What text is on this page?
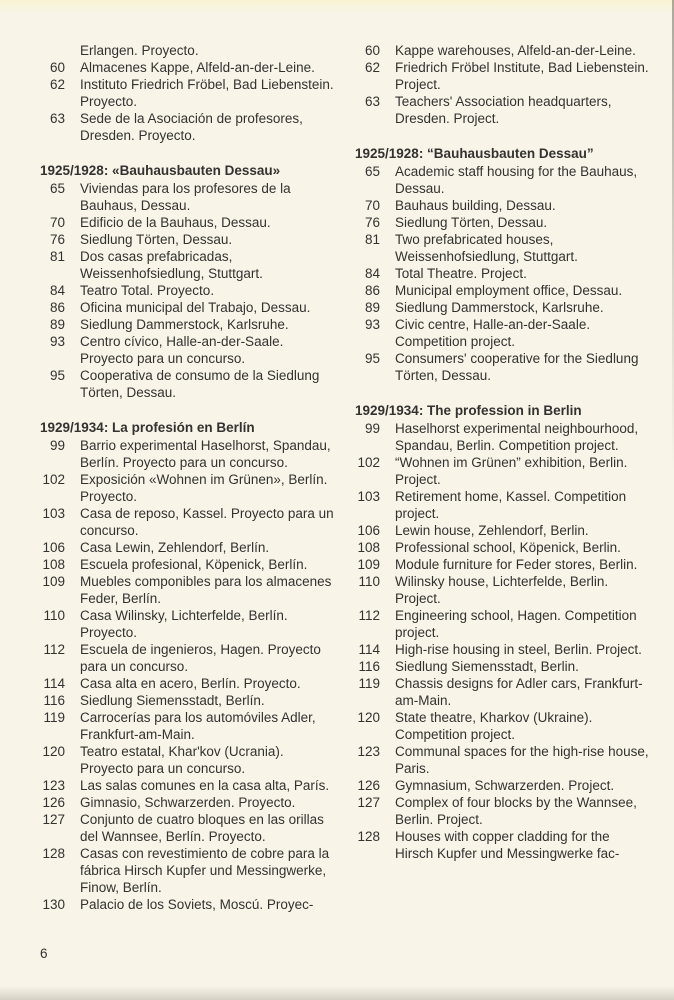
Erlangen. Proyecto.
60 Almacenes Kappe, Alfeld-an-der-Leine.
62 Instituto Friedrich Fröbel, Bad Liebenstein. Proyecto.
63 Sede de la Asociación de profesores, Dresden. Proyecto.
1925/1928: «Bauhausbauten Dessau»
65 Viviendas para los profesores de la Bauhaus, Dessau.
70 Edificio de la Bauhaus, Dessau.
76 Siedlung Törten, Dessau.
81 Dos casas prefabricadas, Weissenhofsiedlung, Stuttgart.
84 Teatro Total. Proyecto.
86 Oficina municipal del Trabajo, Dessau.
89 Siedlung Dammerstock, Karlsruhe.
93 Centro cívico, Halle-an-der-Saale. Proyecto para un concurso.
95 Cooperativa de consumo de la Siedlung Törten, Dessau.
1929/1934: La profesión en Berlín
99 Barrio experimental Haselhorst, Spandau, Berlín. Proyecto para un concurso.
102 Exposición «Wohnen im Grünen», Berlín. Proyecto.
103 Casa de reposo, Kassel. Proyecto para un concurso.
106 Casa Lewin, Zehlendorf, Berlín.
108 Escuela profesional, Köpenick, Berlín.
109 Muebles componibles para los almacenes Feder, Berlín.
110 Casa Wilinsky, Lichterfelde, Berlín. Proyecto.
112 Escuela de ingenieros, Hagen. Proyecto para un concurso.
114 Casa alta en acero, Berlín. Proyecto.
116 Siedlung Siemensstadt, Berlín.
119 Carrocerías para los automóviles Adler, Frankfurt-am-Main.
120 Teatro estatal, Khar'kov (Ucrania). Proyecto para un concurso.
123 Las salas comunes en la casa alta, París.
126 Gimnasio, Schwarzerden. Proyecto.
127 Conjunto de cuatro bloques en las orillas del Wannsee, Berlín. Proyecto.
128 Casas con revestimiento de cobre para la fábrica Hirsch Kupfer und Messingwerke, Finow, Berlín.
130 Palacio de los Soviets, Moscú. Proyec-
60 Kappe warehouses, Alfeld-an-der-Leine.
62 Friedrich Fröbel Institute, Bad Liebenstein. Project.
63 Teachers' Association headquarters, Dresden. Project.
1925/1928: “Bauhausbauten Dessau”
65 Academic staff housing for the Bauhaus, Dessau.
70 Bauhaus building, Dessau.
76 Siedlung Törten, Dessau.
81 Two prefabricated houses, Weissenhofsiedlung, Stuttgart.
84 Total Theatre. Project.
86 Municipal employment office, Dessau.
89 Siedlung Dammerstock, Karlsruhe.
93 Civic centre, Halle-an-der-Saale. Competition project.
95 Consumers' cooperative for the Siedlung Törten, Dessau.
1929/1934: The profession in Berlin
99 Haselhorst experimental neighbourhood, Spandau, Berlin. Competition project.
102 “Wohnen im Grünen” exhibition, Berlin. Project.
103 Retirement home, Kassel. Competition project.
106 Lewin house, Zehlendorf, Berlin.
108 Professional school, Köpenick, Berlin.
109 Module furniture for Feder stores, Berlin.
110 Wilinsky house, Lichterfelde, Berlin. Project.
112 Engineering school, Hagen. Competition project.
114 High-rise housing in steel, Berlin. Project.
116 Siedlung Siemensstadt, Berlin.
119 Chassis designs for Adler cars, Frankfurt-am-Main.
120 State theatre, Kharkov (Ukraine). Competition project.
123 Communal spaces for the high-rise house, Paris.
126 Gymnasium, Schwarzerden. Project.
127 Complex of four blocks by the Wannsee, Berlin. Project.
128 Houses with copper cladding for the Hirsch Kupfer und Messingwerke fac-
6
